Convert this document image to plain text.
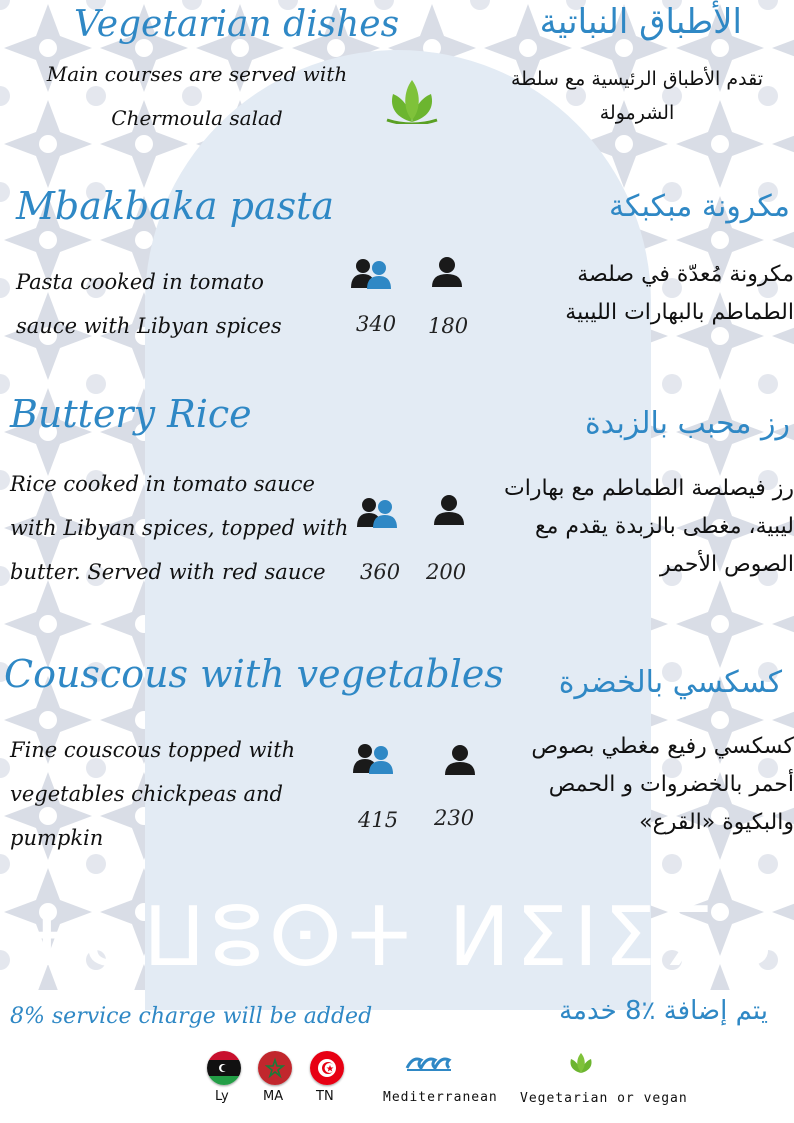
ⵜⴰⵡⵓⵙⵜ ⵍⵉⵏⵉⵢⴰ
Vegetarian dishes	الأطباق النباتية
Main courses are served with
Chermoula salad
تقدم الأطباق الرئيسية مع سلطة الشرمولة
Mbakbaka pasta	مكرونة مبكبكة
Pasta cooked in tomato
sauce with Libyan spices
مكرونة مُعدّة في صلصة الطماطم بالبهارات الليبية
340 180
Buttery Rice	رز محبب بالزبدة
Rice cooked in tomato sauce
with Libyan spices, topped with
butter. Served with red sauce
رز فيصلصة الطماطم مع بهارات ليبية، مغطى بالزبدة يقدم مع الصوص الأحمر
360 200
Couscous with vegetables كسكسي بالخضرة
Fine couscous topped with
vegetables chickpeas and
pumpkin
كسكسي رفيع مغطي بصوص أحمر بالخضروات و الحمص والبكيوة «القرع»
415 230
8% service charge will be added	يتم إضافة ٪8 خدمة
Ly	MA	TN	Mediterranean Vegetarian or vegan
